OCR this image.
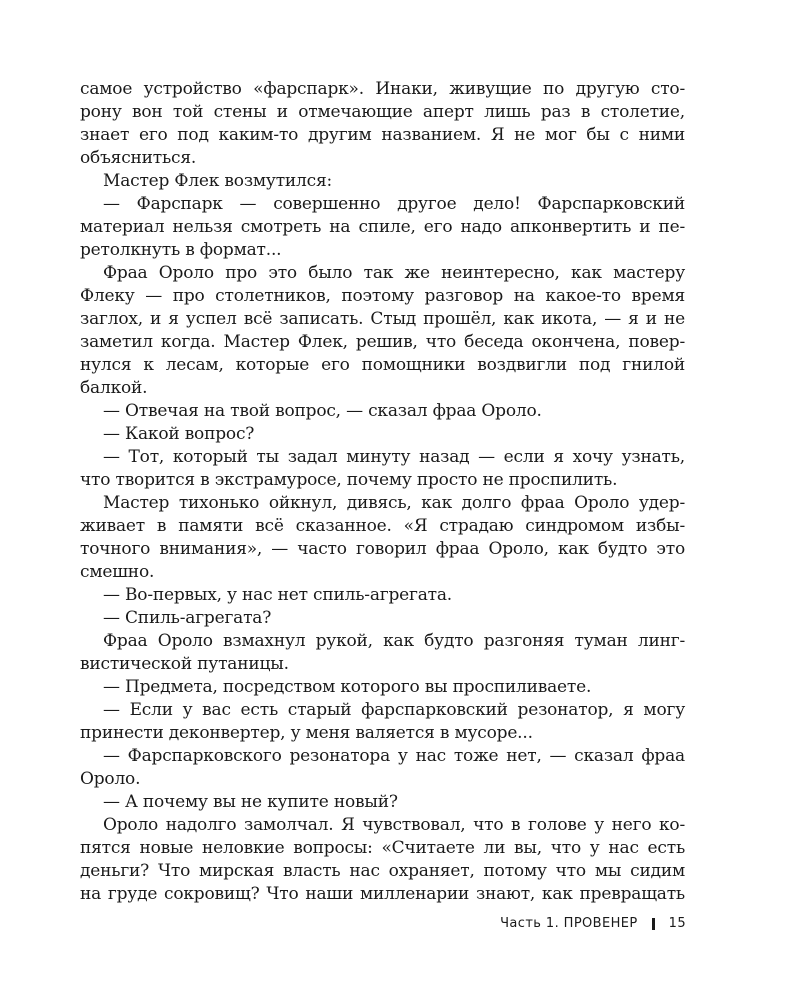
самое устройство «фарспарк». Инаки, живущие по другую сто-
рону вон той стены и отмечающие аперт лишь раз в столетие,
знает его под каким-то другим названием. Я не мог бы с ними
объясниться.
Мастер Флек возмутился:
— Фарспарк — совершенно другое дело! Фарспарковский
материал нельзя смотреть на спиле, его надо апконвертить и пе-
ретолкнуть в формат...
Фраа Ороло про это было так же неинтересно, как мастеру
Флеку — про столетников, поэтому разговор на какое-то время
заглох, и я успел всё записать. Стыд прошёл, как икота, — я и не
заметил когда. Мастер Флек, решив, что беседа окончена, повер-
нулся к лесам, которые его помощники воздвигли под гнилой
балкой.
— Отвечая на твой вопрос, — сказал фраа Ороло.
— Какой вопрос?
— Тот, который ты задал минуту назад — если я хочу узнать,
что творится в экстрамуросе, почему просто не проспилить.
Мастер тихонько ойкнул, дивясь, как долго фраа Ороло удер-
живает в памяти всё сказанное. «Я страдаю синдромом избы-
точного внимания», — часто говорил фраа Ороло, как будто это
смешно.
— Во-первых, у нас нет спиль-агрегата.
— Спиль-агрегата?
Фраа Ороло взмахнул рукой, как будто разгоняя туман линг-
вистической путаницы.
— Предмета, посредством которого вы проспиливаете.
— Если у вас есть старый фарспарковский резонатор, я могу
принести деконвертер, у меня валяется в мусоре...
— Фарспарковского резонатора у нас тоже нет, — сказал фраа
Ороло.
— А почему вы не купите новый?
Ороло надолго замолчал. Я чувствовал, что в голове у него ко-
пятся новые неловкие вопросы: «Считаете ли вы, что у нас есть
деньги? Что мирская власть нас охраняет, потому что мы сидим
на груде сокровищ? Что наши милленарии знают, как превращать
Часть 1. ПРОВЕНЕР 15
